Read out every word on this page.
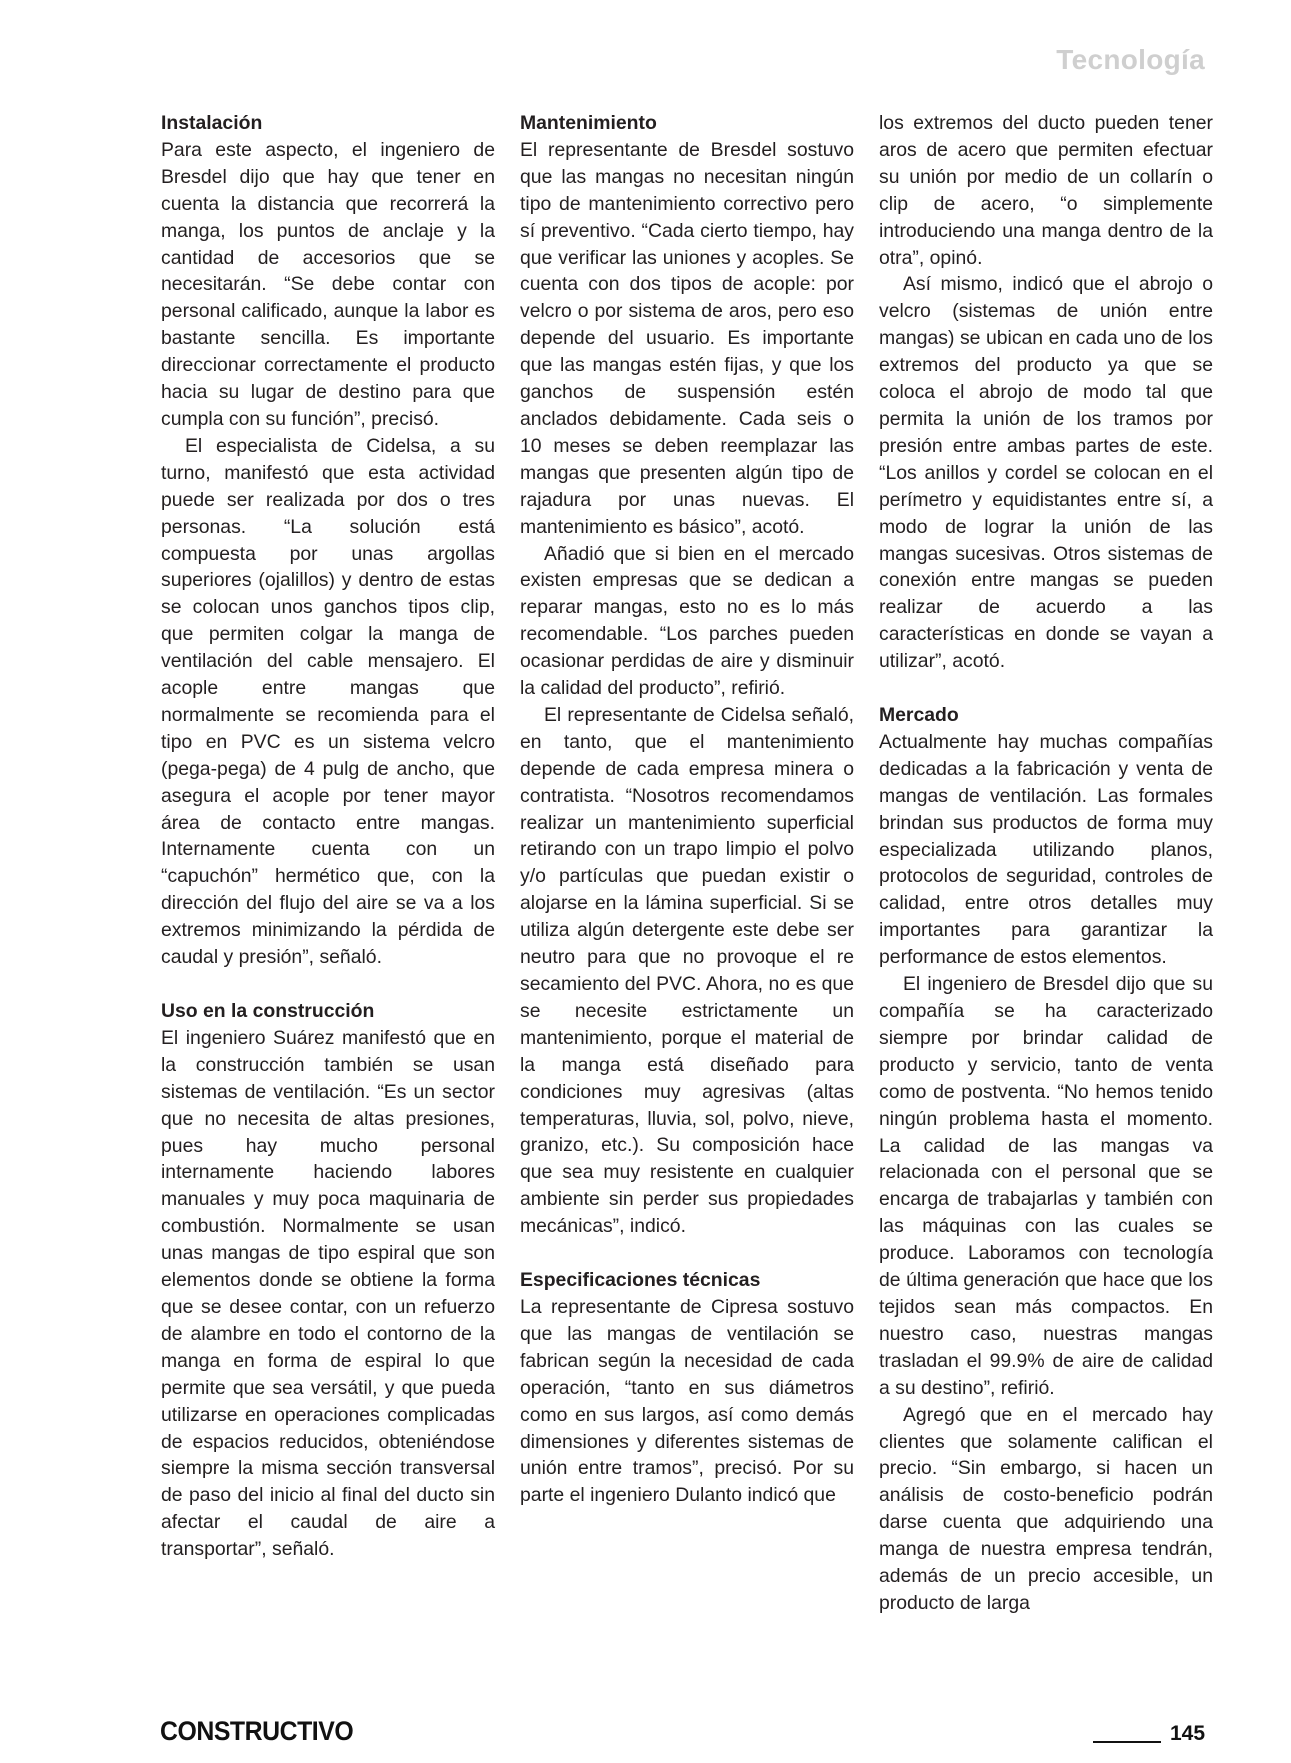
Tecnología
Instalación

Para este aspecto, el ingeniero de Bresdel dijo que hay que tener en cuenta la distancia que recorrerá la manga, los puntos de anclaje y la cantidad de accesorios que se necesitarán. “Se debe contar con personal calificado, aunque la labor es bastante sencilla. Es importante direccionar correctamente el producto hacia su lugar de destino para que cumpla con su función”, precisó.

El especialista de Cidelsa, a su turno, manifestó que esta actividad puede ser realizada por dos o tres personas. “La solución está compuesta por unas argollas superiores (ojalillos) y dentro de estas se colocan unos ganchos tipos clip, que permiten colgar la manga de ventilación del cable mensajero. El acople entre mangas que normalmente se recomienda para el tipo en PVC es un sistema velcro (pega-pega) de 4 pulg de ancho, que asegura el acople por tener mayor área de contacto entre mangas. Internamente cuenta con un “capuchón” hermético que, con la dirección del flujo del aire se va a los extremos minimizando la pérdida de caudal y presión”, señaló.

Uso en la construcción

El ingeniero Suárez manifestó que en la construcción también se usan sistemas de ventilación. “Es un sector que no necesita de altas presiones, pues hay mucho personal internamente haciendo labores manuales y muy poca maquinaria de combustión. Normalmente se usan unas mangas de tipo espiral que son elementos donde se obtiene la forma que se desee contar, con un refuerzo de alambre en todo el contorno de la manga en forma de espiral lo que permite que sea versátil, y que pueda utilizarse en operaciones complicadas de espacios reducidos, obteniéndose siempre la misma sección transversal de paso del inicio al final del ducto sin afectar el caudal de aire a transportar”, señaló.

Mantenimiento

El representante de Bresdel sostuvo que las mangas no necesitan ningún tipo de mantenimiento correctivo pero sí preventivo. “Cada cierto tiempo, hay que verificar las uniones y acoples. Se cuenta con dos tipos de acople: por velcro o por sistema de aros, pero eso depende del usuario. Es importante que las mangas estén fijas, y que los ganchos de suspensión estén anclados debidamente. Cada seis o 10 meses se deben reemplazar las mangas que presenten algún tipo de rajadura por unas nuevas. El mantenimiento es básico”, acotó.

Añadió que si bien en el mercado existen empresas que se dedican a reparar mangas, esto no es lo más recomendable. “Los parches pueden ocasionar perdidas de aire y disminuir la calidad del producto”, refirió.

El representante de Cidelsa señaló, en tanto, que el mantenimiento depende de cada empresa minera o contratista. “Nosotros recomendamos realizar un mantenimiento superficial retirando con un trapo limpio el polvo y/o partículas que puedan existir o alojarse en la lámina superficial. Si se utiliza algún detergente este debe ser neutro para que no provoque el re secamiento del PVC. Ahora, no es que se necesite estrictamente un mantenimiento, porque el material de la manga está diseñado para condiciones muy agresivas (altas temperaturas, lluvia, sol, polvo, nieve, granizo, etc.). Su composición hace que sea muy resistente en cualquier ambiente sin perder sus propiedades mecánicas”, indicó.

Especificaciones técnicas

La representante de Cipresa sostuvo que las mangas de ventilación se fabrican según la necesidad de cada operación, “tanto en sus diámetros como en sus largos, así como demás dimensiones y diferentes sistemas de unión entre tramos”, precisó. Por su parte el ingeniero Dulanto indicó que

los extremos del ducto pueden tener aros de acero que permiten efectuar su unión por medio de un collarín o clip de acero, “o simplemente introduciendo una manga dentro de la otra”, opinó.

Así mismo, indicó que el abrojo o velcro (sistemas de unión entre mangas) se ubican en cada uno de los extremos del producto ya que se coloca el abrojo de modo tal que permita la unión de los tramos por presión entre ambas partes de este. “Los anillos y cordel se colocan en el perímetro y equidistantes entre sí, a modo de lograr la unión de las mangas sucesivas. Otros sistemas de conexión entre mangas se pueden realizar de acuerdo a las características en donde se vayan a utilizar”, acotó.

Mercado

Actualmente hay muchas compañías dedicadas a la fabricación y venta de mangas de ventilación. Las formales brindan sus productos de forma muy especializada utilizando planos, protocolos de seguridad, controles de calidad, entre otros detalles muy importantes para garantizar la performance de estos elementos.

El ingeniero de Bresdel dijo que su compañía se ha caracterizado siempre por brindar calidad de producto y servicio, tanto de venta como de postventa. “No hemos tenido ningún problema hasta el momento. La calidad de las mangas va relacionada con el personal que se encarga de trabajarlas y también con las máquinas con las cuales se produce. Laboramos con tecnología de última generación que hace que los tejidos sean más compactos. En nuestro caso, nuestras mangas trasladan el 99.9% de aire de calidad a su destino”, refirió.

Agregó que en el mercado hay clientes que solamente califican el precio. “Sin embargo, si hacen un análisis de costo-beneficio podrán darse cuenta que adquiriendo una manga de nuestra empresa tendrán, además de un precio accesible, un producto de larga

CONSTRUCTIVO	145
